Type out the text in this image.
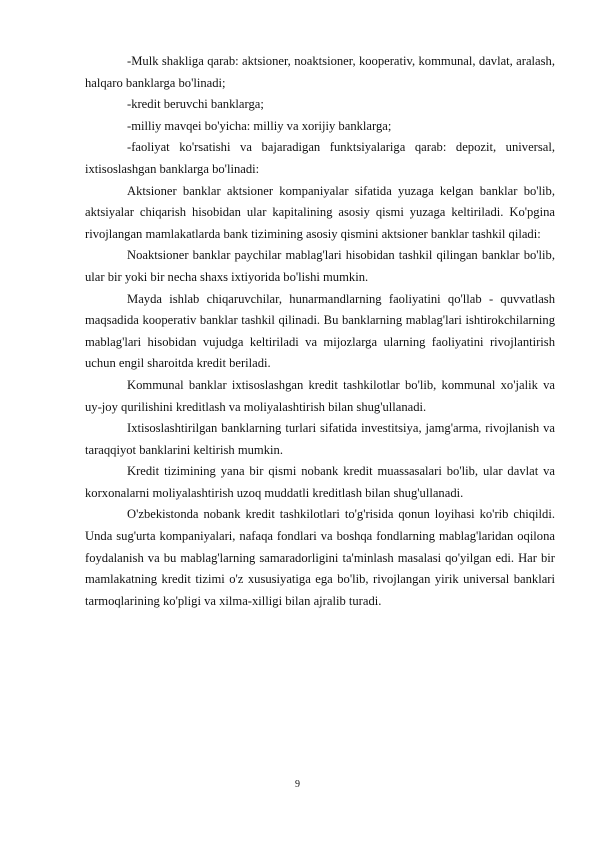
-Mulk shakliga qarab: aktsioner, noaktsioner, kooperativ, kommunal, davlat, aralash, halqaro banklarga bo'linadi;

-kredit beruvchi banklarga;

-milliy mavqei bo'yicha: milliy va xorijiy banklarga;

-faoliyat ko'rsatishi va bajaradigan funktsiyalariga qarab: depozit, universal, ixtisoslashgan banklarga bo'linadi:

Aktsioner banklar aktsioner kompaniyalar sifatida yuzaga kelgan banklar bo'lib, aktsiyalar chiqarish hisobidan ular kapitalining asosiy qismi yuzaga keltiriladi. Ko'pgina rivojlangan mamlakatlarda bank tizimining asosiy qismini aktsioner banklar tashkil qiladi:

Noaktsioner banklar paychilar mablag'lari hisobidan tashkil qilingan banklar bo'lib, ular bir yoki bir necha shaxs ixtiyorida bo'lishi mumkin.

Mayda ishlab chiqaruvchilar, hunarmandlarning faoliyatini qo'llab - quvvatlash maqsadida kooperativ banklar tashkil qilinadi. Bu banklarning mablag'lari ishtirokchilarning mablag'lari hisobidan vujudga keltiriladi va mijozlarga ularning faoliyatini rivojlantirish uchun engil sharoitda kredit beriladi.

Kommunal banklar ixtisoslashgan kredit tashkilotlar bo'lib, kommunal xo'jalik va uy-joy qurilishini kreditlash va moliyalashtirish bilan shug'ullanadi.

Ixtisoslashtirilgan banklarning turlari sifatida investitsiya, jamg'arma, rivojlanish va taraqqiyot banklarini keltirish mumkin.

Kredit tizimining yana bir qismi nobank kredit muassasalari bo'lib, ular davlat va korxonalarni moliyalashtirish uzoq muddatli kreditlash bilan shug'ullanadi.

O'zbekistonda nobank kredit tashkilotlari to'g'risida qonun loyihasi ko'rib chiqildi. Unda sug'urta kompaniyalari, nafaqa fondlari va boshqa fondlarning mablag'laridan oqilona foydalanish va bu mablag'larning samaradorligini ta'minlash masalasi qo'yilgan edi. Har bir mamlakatning kredit tizimi o'z xususiyatiga ega bo'lib, rivojlangan yirik universal banklari tarmoqlarining ko'pligi va xilma-xilligi bilan ajralib turadi.

9
